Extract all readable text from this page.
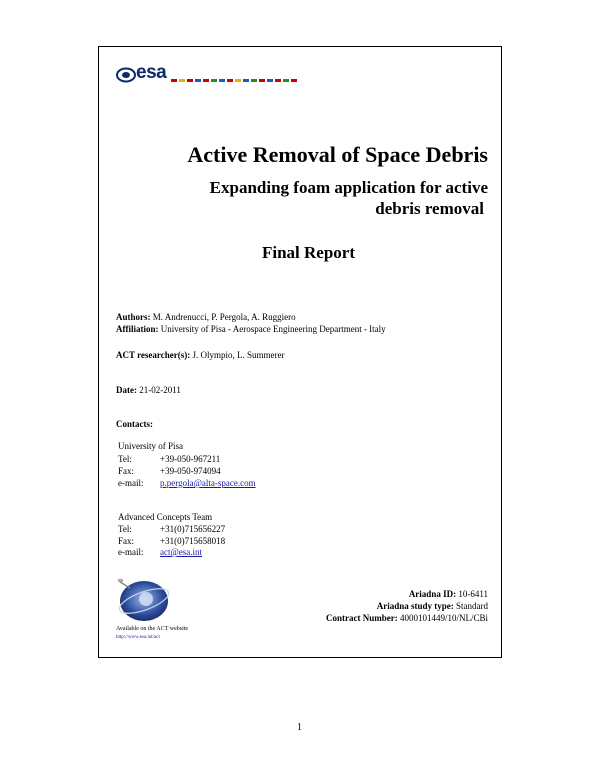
esa
Active Removal of Space Debris
Expanding foam application for active
debris removal
Final Report
Authors: M. Andrenucci, P. Pergola, A. Ruggiero
Affiliation: University of Pisa - Aerospace Engineering Department - Italy
ACT researcher(s): J. Olympio, L. Summerer
Date: 21-02-2011
Contacts:
University of Pisa
Tel:	+39-050-967211
Fax:	+39-050-974094
e-mail: p.pergola@alta-space.com
Advanced Concepts Team
Tel:	+31(0)715656227
Fax:	+31(0)715658018
e-mail: act@esa.int
Available on the ACT website
http://www.esa.int/act
Ariadna ID: 10-6411
Ariadna study type: Standard
Contract Number: 4000101449/10/NL/CBi
1
